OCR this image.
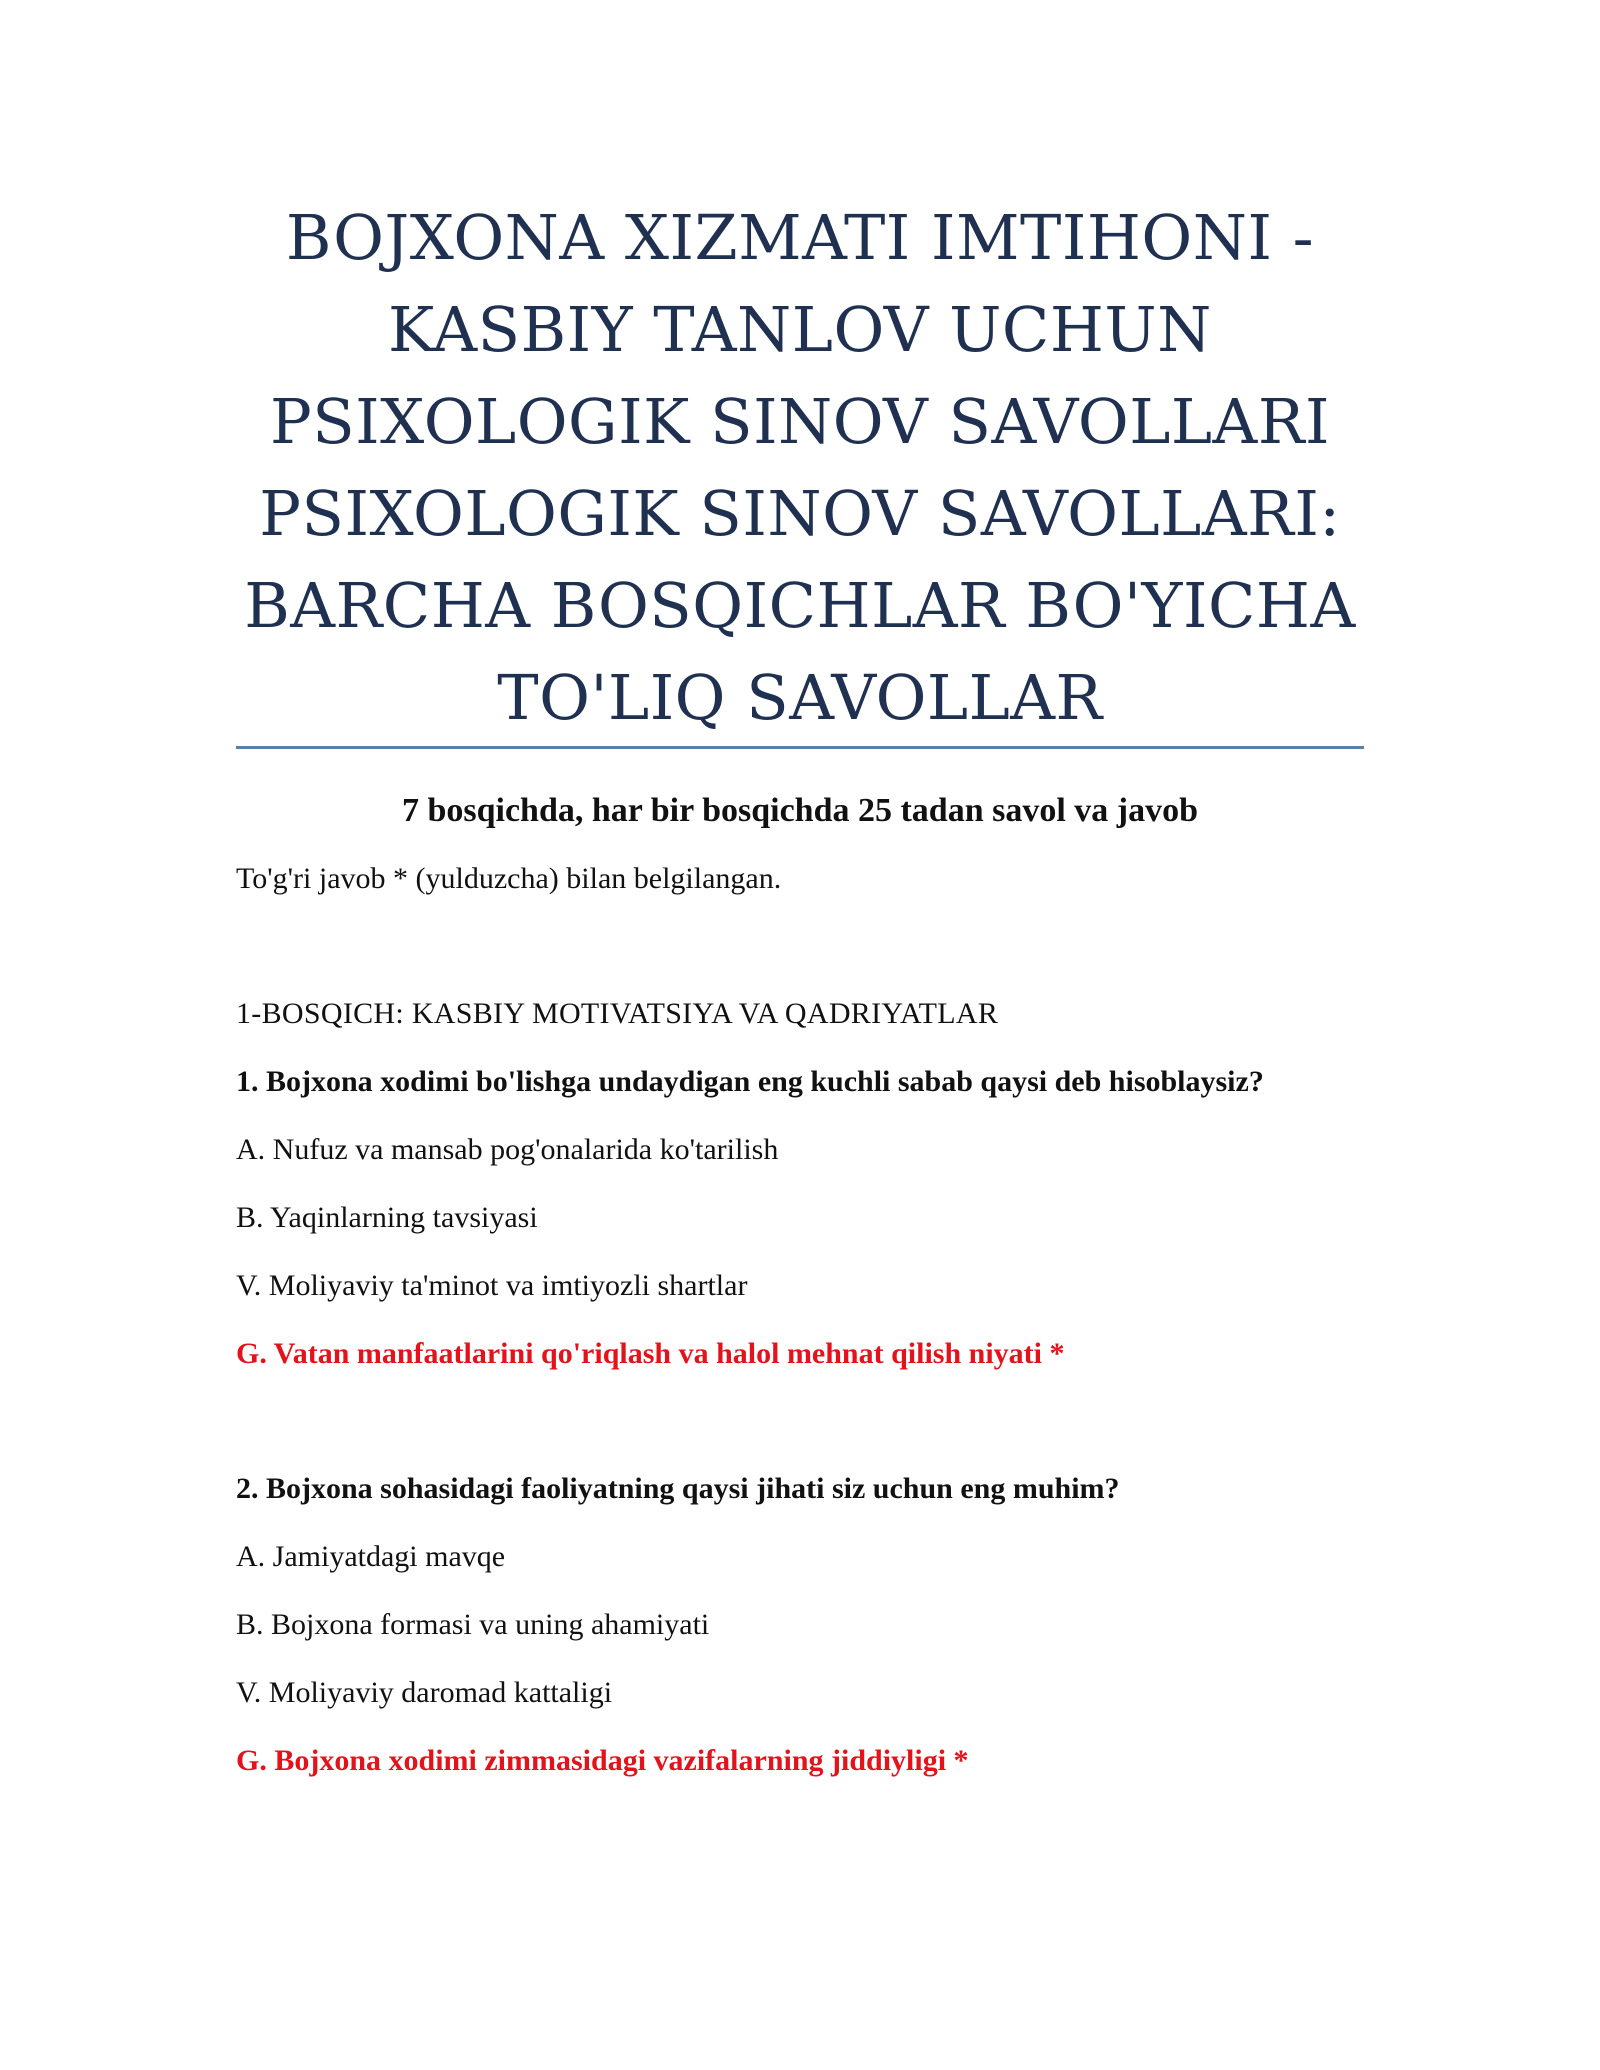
BOJXONA XIZMATI IMTIHONI -
KASBIY TANLOV UCHUN
PSIXOLOGIK SINOV SAVOLLARI
PSIXOLOGIK SINOV SAVOLLARI:
BARCHA BOSQICHLAR BO'YICHA
TO'LIQ SAVOLLAR

7 bosqichda, har bir bosqichda 25 tadan savol va javob

To'g'ri javob * (yulduzcha) bilan belgilangan.

1-BOSQICH: KASBIY MOTIVATSIYA VA QADRIYATLAR

1. Bojxona xodimi bo'lishga undaydigan eng kuchli sabab qaysi deb hisoblaysiz?

A. Nufuz va mansab pog'onalarida ko'tarilish

B. Yaqinlarning tavsiyasi

V. Moliyaviy ta'minot va imtiyozli shartlar

G. Vatan manfaatlarini qo'riqlash va halol mehnat qilish niyati *

2. Bojxona sohasidagi faoliyatning qaysi jihati siz uchun eng muhim?

A. Jamiyatdagi mavqe

B. Bojxona formasi va uning ahamiyati

V. Moliyaviy daromad kattaligi

G. Bojxona xodimi zimmasidagi vazifalarning jiddiyligi *
